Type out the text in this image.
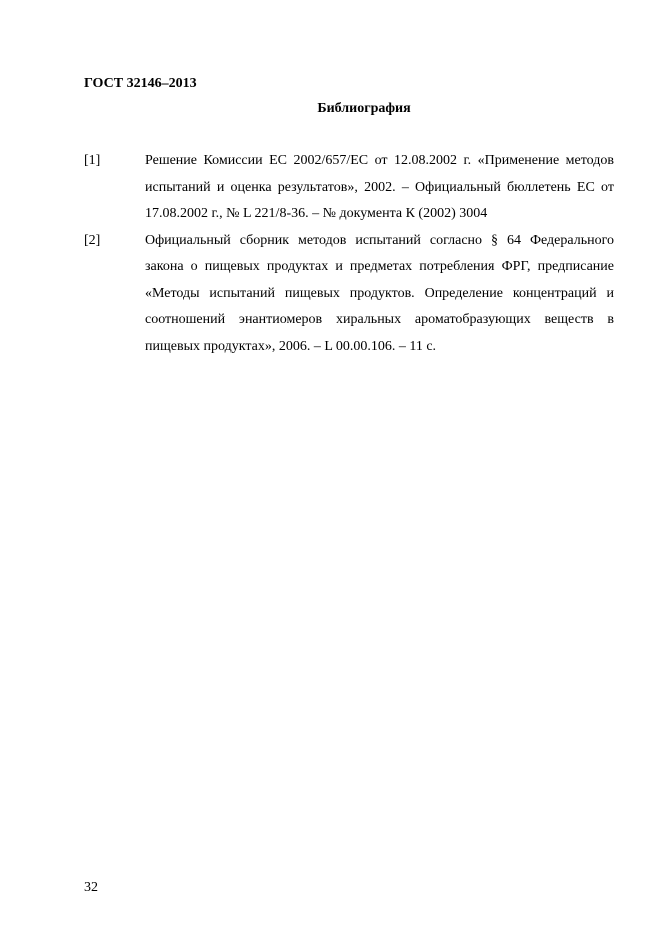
ГОСТ 32146–2013
Библиография
[1]	Решение Комиссии ЕС 2002/657/ЕС от 12.08.2002 г. «Применение методов испытаний и оценка результатов», 2002. – Официальный бюллетень ЕС от 17.08.2002 г., № L 221/8-36. – № документа К (2002) 3004
[2]	Официальный сборник методов испытаний согласно § 64 Федерального закона о пищевых продуктах и предметах потребления ФРГ, предписание «Методы испытаний пищевых продуктов. Определение концентраций и соотношений энантиомеров хиральных ароматобразующих веществ в пищевых продуктах», 2006. – L 00.00.106. – 11 с.
32
